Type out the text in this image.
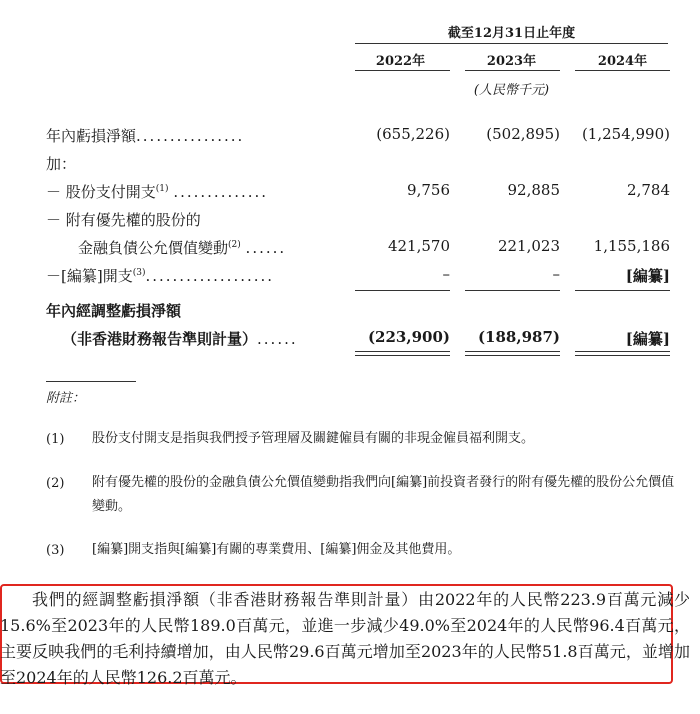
截至12月31日止年度
2022年	2023年	2024年
(人民幣千元)
年內虧損淨額................	(655,226)	(502,895)	(1,254,990)
加：
－ 股份支付開支$^{(1)}$ ..............	9,756	92,885	2,784
－ 附有優先權的股份的
金融負債公允價值變動$^{(2)}$ ......	421,570	221,023	1,155,186
－[編纂]開支$^{(3)}$...................	–	–	[編纂]
年內經調整虧損淨額
（非香港財務報告準則計量）......	(223,900)	(188,987)	[編纂]
附註：
(1) 股份支付開支是指與我們授予管理層及關鍵僱員有關的非現金僱員福利開支。
(2) 附有優先權的股份的金融負債公允價值變動指我們向[編纂]前投資者發行的附有優先權的股份公允價值變動。
(3) [編纂]開支指與[編纂]有關的專業費用、[編纂]佣金及其他費用。
我們的經調整虧損淨額（非香港財務報告準則計量）由2022年的人民幣223.9百萬元減少15.6%至2023年的人民幣189.0百萬元，並進一步減少49.0%至2024年的人民幣96.4百萬元，主要反映我們的毛利持續增加，由人民幣29.6百萬元增加至2023年的人民幣51.8百萬元，並增加至2024年的人民幣126.2百萬元。
